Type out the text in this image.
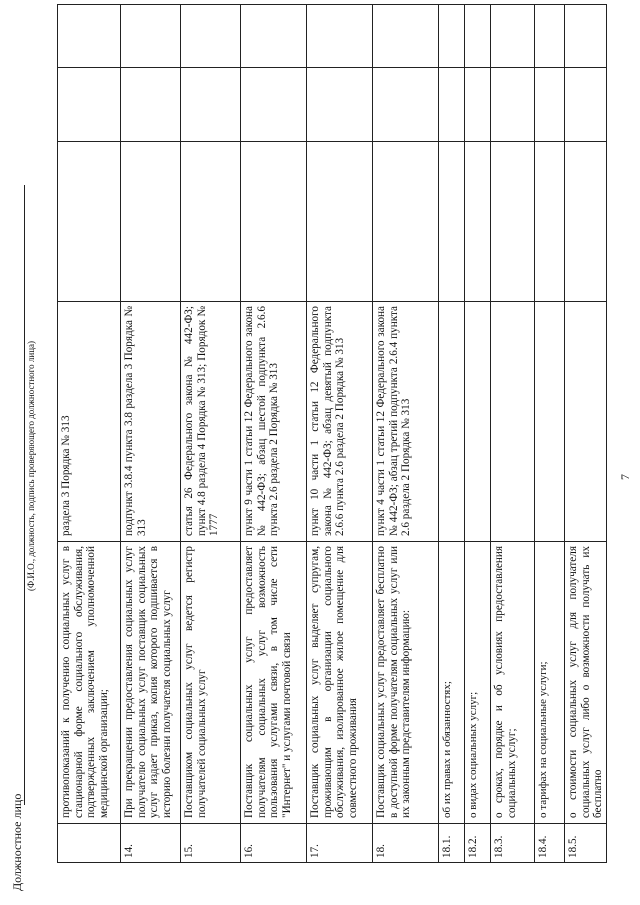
7
Должностное лицо
(Ф.И.О., должность, подпись проверяющего должностного лица)
противопоказаний к получению социальных услуг в стационарной форме социального обслуживания, подтвержденных заключением уполномоченной медицинской организации;
раздела 3 Порядка № 313
14.
При прекращении предоставления социальных услуг получателю социальных услуг поставщик социальных услуг издает приказ, копия которого подшивается в историю болезни получателя социальных услуг
подпункт 3.8.4 пункта 3.8 раздела 3 Порядка № 313
15.
Поставщиком социальных услуг ведется регистр получателей социальных услуг
статья 26 Федерального закона № 442-ФЗ; пункт 4.8 раздела 4 Порядка № 313; Порядок № 1777
16.
Поставщик социальных услуг предоставляет получателям социальных услуг возможность пользования услугами связи, в том числе сети "Интернет" и услугами почтовой связи
пункт 9 части 1 статьи 12 Федерального закона № 442-ФЗ; абзац шестой подпункта 2.6.6 пункта 2.6 раздела 2 Порядка № 313
17.
Поставщик социальных услуг выделяет супругам, проживающим в организации социального обслуживания, изолированное жилое помещение для совместного проживания
пункт 10 части 1 статьи 12 Федерального закона № 442-ФЗ; абзац девятый подпункта 2.6.6 пункта 2.6 раздела 2 Порядка № 313
18.
Поставщик социальных услуг предоставляет бесплатно в доступной форме получателям социальных услуг или их законным представителям информацию:
пункт 4 части 1 статьи 12 Федерального закона № 442-ФЗ; абзац третий подпункта 2.6.4 пункта 2.6 раздела 2 Порядка № 313
18.1.
об их правах и обязанностях;
18.2.
о видах социальных услуг;
18.3.
о сроках, порядке и об условиях предоставления социальных услуг;
18.4.
о тарифах на социальные услуги;
18.5.
о стоимости социальных услуг для получателя социальных услуг либо о возможности получать их бесплатно
